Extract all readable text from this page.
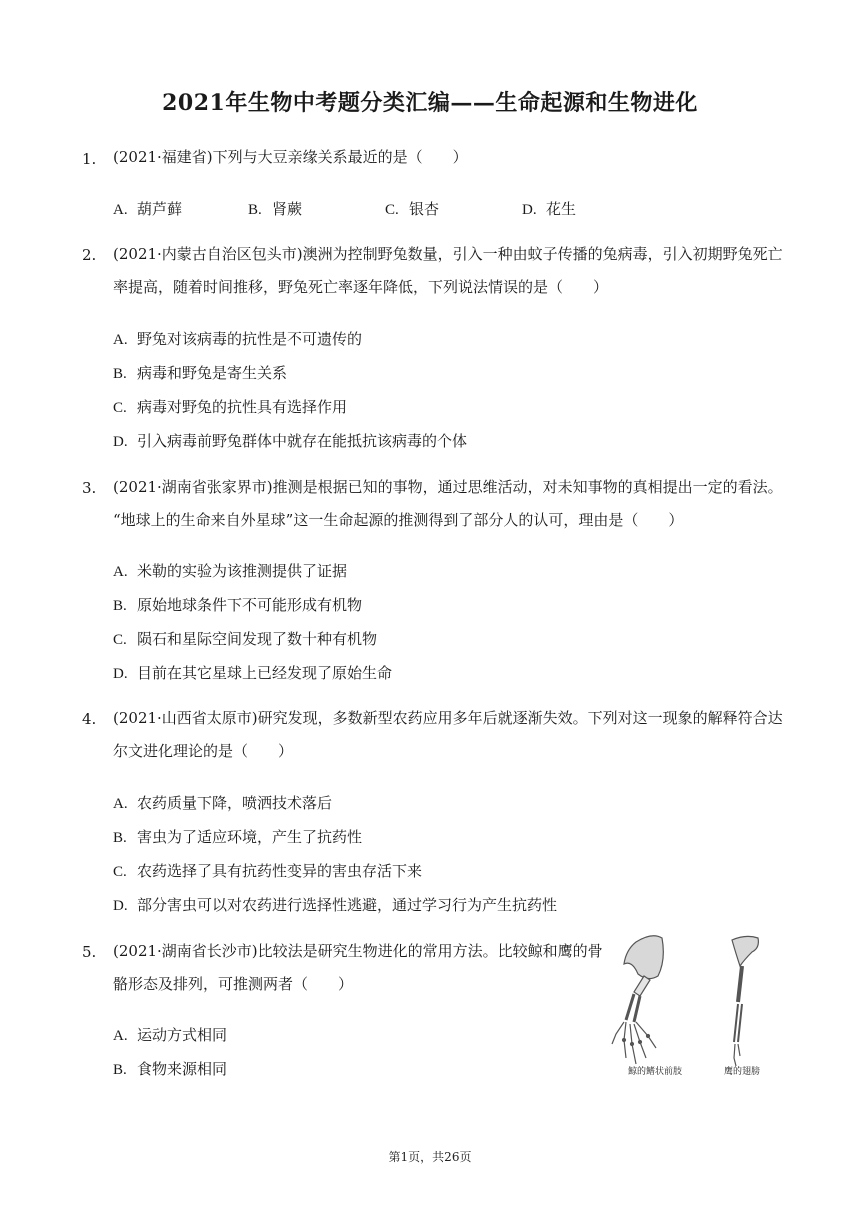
2021年生物中考题分类汇编——生命起源和生物进化
1. (2021·福建省)下列与大豆亲缘关系最近的是（　　）
A. 葫芦藓	B. 肾蕨	C. 银杏	D. 花生
2. (2021·内蒙古自治区包头市)澳洲为控制野兔数量，引入一种由蚊子传播的兔病毒，引入初期野兔死亡
率提高，随着时间推移，野兔死亡率逐年降低，下列说法情误的是（　　）
A. 野兔对该病毒的抗性是不可遗传的
B. 病毒和野兔是寄生关系
C. 病毒对野兔的抗性具有选择作用
D. 引入病毒前野兔群体中就存在能抵抗该病毒的个体
3. (2021·湖南省张家界市)推测是根据已知的事物，通过思维活动，对未知事物的真相提出一定的看法。
“地球上的生命来自外星球”这一生命起源的推测得到了部分人的认可，理由是（　　）
A. 米勒的实验为该推测提供了证据
B. 原始地球条件下不可能形成有机物
C. 陨石和星际空间发现了数十种有机物
D. 目前在其它星球上已经发现了原始生命
4. (2021·山西省太原市)研究发现，多数新型农药应用多年后就逐渐失效。下列对这一现象的解释符合达
尔文进化理论的是（　　）
A. 农药质量下降，喷洒技术落后
B. 害虫为了适应环境，产生了抗药性
C. 农药选择了具有抗药性变异的害虫存活下来
D. 部分害虫可以对农药进行选择性逃避，通过学习行为产生抗药性
5. (2021·湖南省长沙市)比较法是研究生物进化的常用方法。比较鲸和鹰的骨
骼形态及排列，可推测两者（　　）
A. 运动方式相同
B. 食物来源相同	鲸的鳍状前肢	鹰的翅膀
第1页，共26页
